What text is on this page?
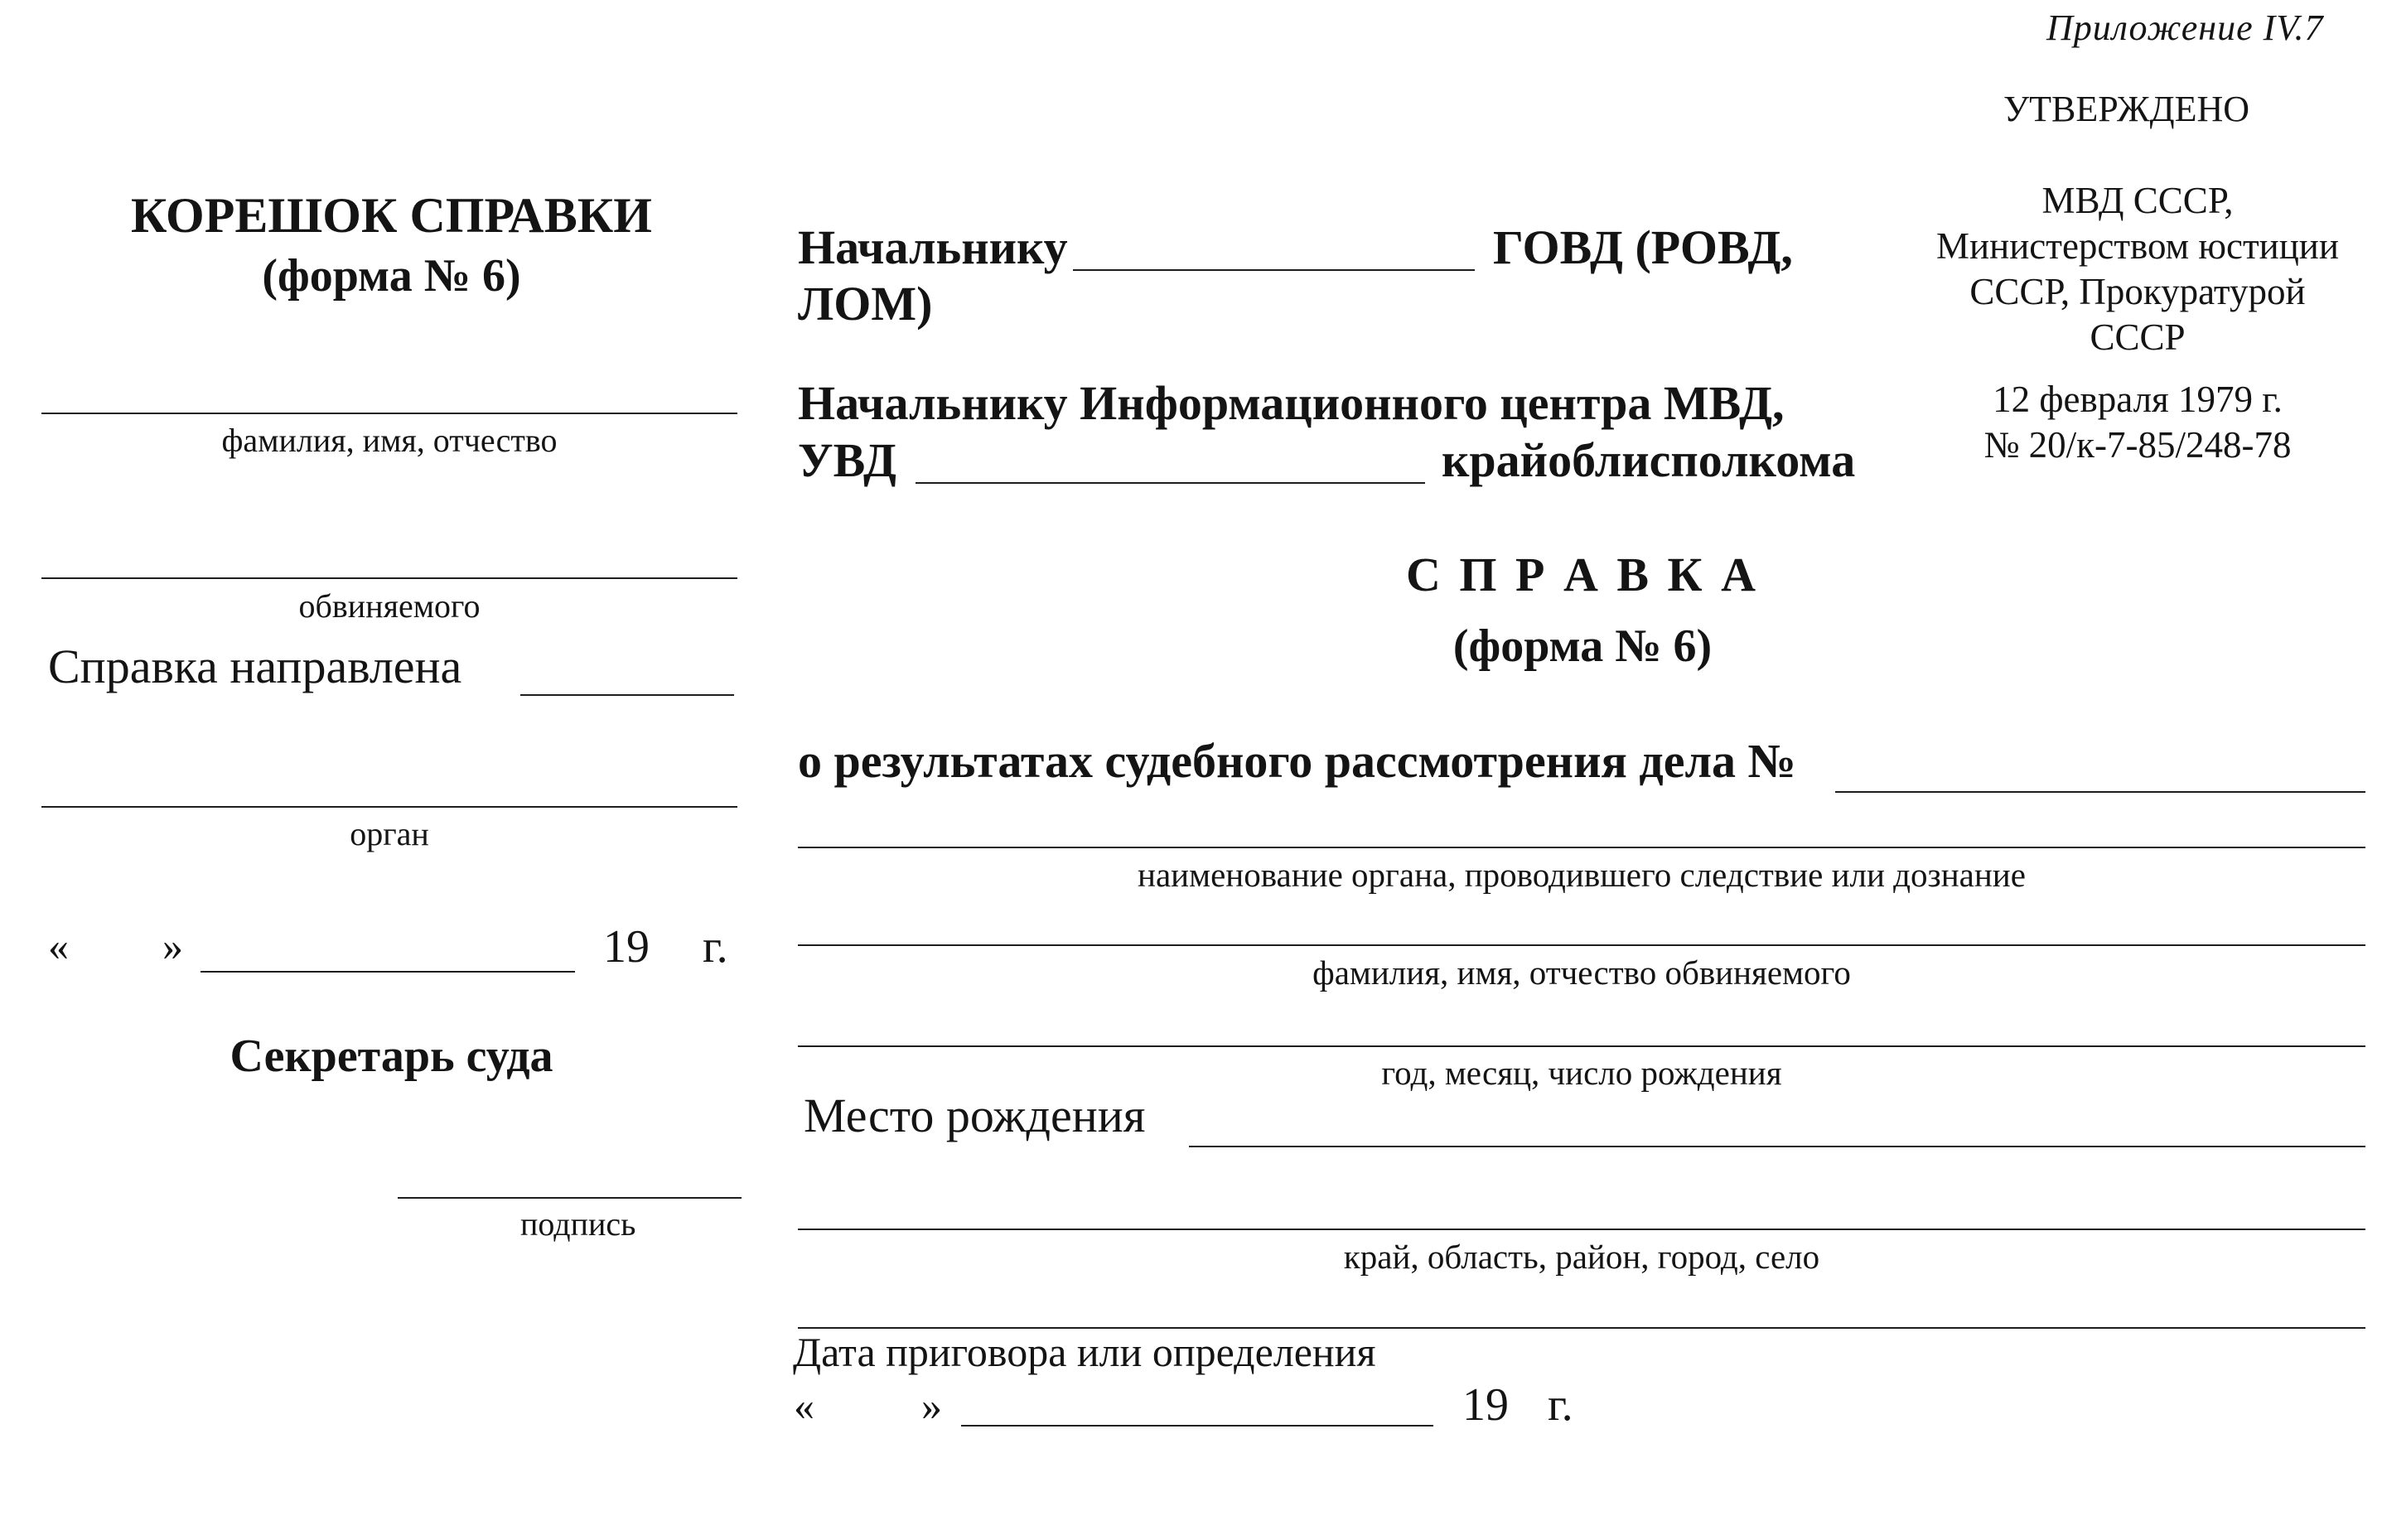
Приложение IV.7
УТВЕРЖДЕНО
МВД СССР,
Министерством юстиции
СССР, Прокуратурой
СССР
12 февраля 1979 г.
№ 20/к-7-85/248-78
КОРЕШОК СПРАВКИ
(форма № 6)
фамилия, имя, отчество
обвиняемого
Справка направлена
орган
« »	19 г.
Секретарь суда
подпись
Начальнику	ГОВД (РОВД,
ЛОМ)
Начальнику Информационного центра МВД,
УВД	крайоблисполкома
С П Р А В К А
(форма № 6)
о результатах судебного рассмотрения дела №
наименование органа, проводившего следствие или дознание
фамилия, имя, отчество обвиняемого
год, месяц, число рождения
Место рождения
край, область, район, город, село
Дата приговора или определения
«	»	19 г.
